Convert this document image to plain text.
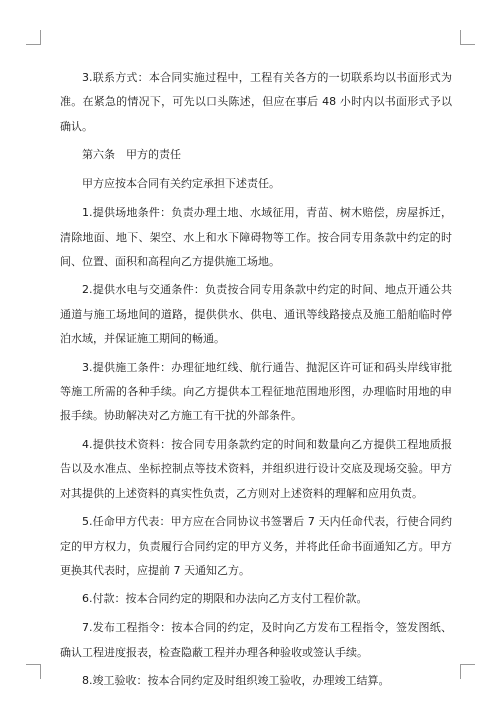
3.联系方式：本合同实施过程中，工程有关各方的一切联系均以书面形式为准。在紧急的情况下，可先以口头陈述，但应在事后 48 小时内以书面形式予以确认。

第六条　甲方的责任

甲方应按本合同有关约定承担下述责任。

1.提供场地条件：负责办理土地、水域征用，青苗、树木赔偿，房屋拆迁，清除地面、地下、架空、水上和水下障碍物等工作。按合同专用条款中约定的时间、位置、面积和高程向乙方提供施工场地。

2.提供水电与交通条件：负责按合同专用条款中约定的时间、地点开通公共通道与施工场地间的道路，提供供水、供电、通讯等线路接点及施工船舶临时停泊水域，并保证施工期间的畅通。

3.提供施工条件：办理征地红线、航行通告、抛泥区许可证和码头岸线审批等施工所需的各种手续。向乙方提供本工程征地范围地形图，办理临时用地的申报手续。协助解决对乙方施工有干扰的外部条件。

4.提供技术资料：按合同专用条款约定的时间和数量向乙方提供工程地质报告以及水准点、坐标控制点等技术资料，并组织进行设计交底及现场交验。甲方对其提供的上述资料的真实性负责，乙方则对上述资料的理解和应用负责。

5.任命甲方代表：甲方应在合同协议书签署后 7 天内任命代表，行使合同约定的甲方权力，负责履行合同约定的甲方义务，并将此任命书面通知乙方。甲方更换其代表时，应提前 7 天通知乙方。

6.付款：按本合同约定的期限和办法向乙方支付工程价款。

7.发布工程指令：按本合同的约定，及时向乙方发布工程指令，签发图纸、确认工程进度报表，检查隐蔽工程并办理各种验收或签认手续。

8.竣工验收：按本合同约定及时组织竣工验收，办理竣工结算。
